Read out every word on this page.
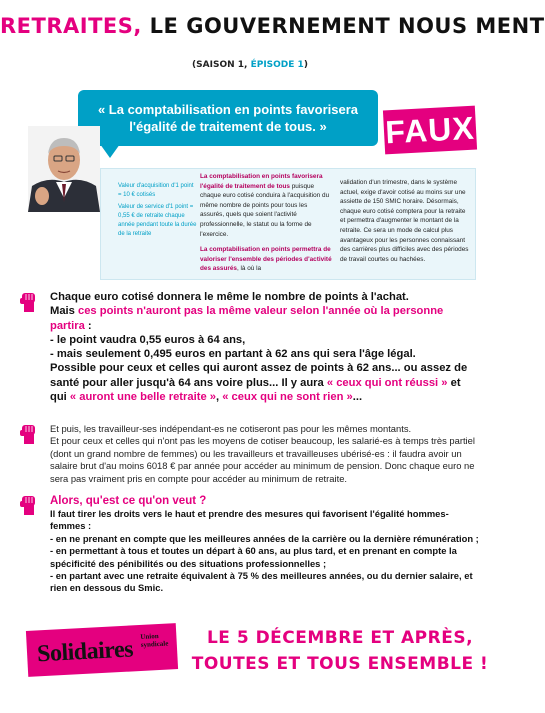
RETRAITES, LE GOUVERNEMENT NOUS MENT
(SAISON 1, ÉPISODE 1)
« La comptabilisation en points favorisera l'égalité de traitement de tous. »	FAUX

Valeur d'acquisition d'1 point = 10 € cotisés

Valeur de service d'1 point = 0,55 € de retraite chaque année pendant toute la durée de la retraite

La comptabilisation en points favorisera l'égalité de traitement de tous puisque chaque euro cotisé conduira à l'acquisition du même nombre de points pour tous les assurés, quels que soient l'activité professionnelle, le statut ou la forme de l'exercice.
La comptabilisation en points permettra de valoriser l'ensemble des périodes d'activité des assurés, là où la
validation d'un trimestre, dans le système actuel, exige d'avoir cotisé au moins sur une assiette de 150 SMIC horaire. Désormais, chaque euro cotisé comptera pour la retraite et permettra d'augmenter le montant de la retraite. Ce sera un mode de calcul plus avantageux pour les personnes connaissant des carrières plus difficiles avec des périodes de travail courtes ou hachées.
Chaque euro cotisé donnera le même le nombre de points à l'achat.
Mais ces points n'auront pas la même valeur selon l'année où la personne partira :
- le point vaudra 0,55 euros à 64 ans,
- mais seulement 0,495 euros en partant à 62 ans qui sera l'âge légal.
Possible pour ceux et celles qui auront assez de points à 62 ans... ou assez de santé pour aller jusqu'à 64 ans voire plus... Il y aura « ceux qui ont réussi » et qui « auront une belle retraite », « ceux qui ne sont rien »...
Et puis, les travailleur-ses indépendant-es ne cotiseront pas pour les mêmes montants.
Et pour ceux et celles qui n'ont pas les moyens de cotiser beaucoup, les salarié-es à temps très partiel (dont un grand nombre de femmes) ou les travailleurs et travailleuses ubérisé-es : il faudra avoir un salaire brut d'au moins 6018 € par année pour accéder au minimum de pension. Donc chaque euro ne sera pas vraiment pris en compte pour accéder au minimum de retraite.
Alors, qu'est ce qu'on veut ?
Il faut tirer les droits vers le haut et prendre des mesures qui favorisent l'égalité hommes-femmes :
- en ne prenant en compte que les meilleures années de la carrière ou la dernière rémunération ;
- en permettant à tous et toutes un départ à 60 ans, au plus tard, et en prenant en compte la spécificité des pénibilités ou des situations professionnelles ;
- en partant avec une retraite équivalent à 75 % des meilleures années, ou du dernier salaire, et rien en dessous du Smic.
Solidaires Union
syndicale	LE 5 DÉCEMBRE ET APRÈS,
TOUTES ET TOUS ENSEMBLE !
